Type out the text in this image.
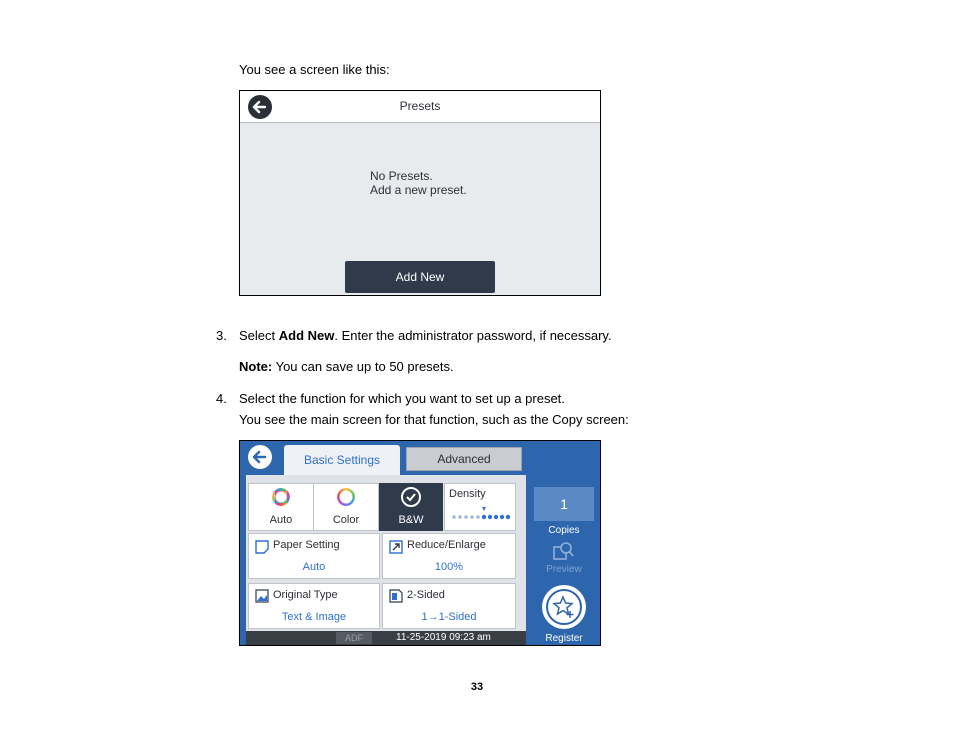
You see a screen like this:
Presets
No Presets.
Add a new preset.
Add New
3. Select Add New. Enter the administrator password, if necessary.
Note: You can save up to 50 presets.
4. Select the function for which you want to set up a preset.
You see the main screen for that function, such as the Copy screen:
Basic Settings	Advanced
Auto	Color	B&W
Density
Paper Setting
Auto
Reduce/Enlarge
100%
Original Type
Text & Image
2-Sided
1→1-Sided
ADF	11-25-2019 09:23 am
1
Copies
Preview
Register
33
